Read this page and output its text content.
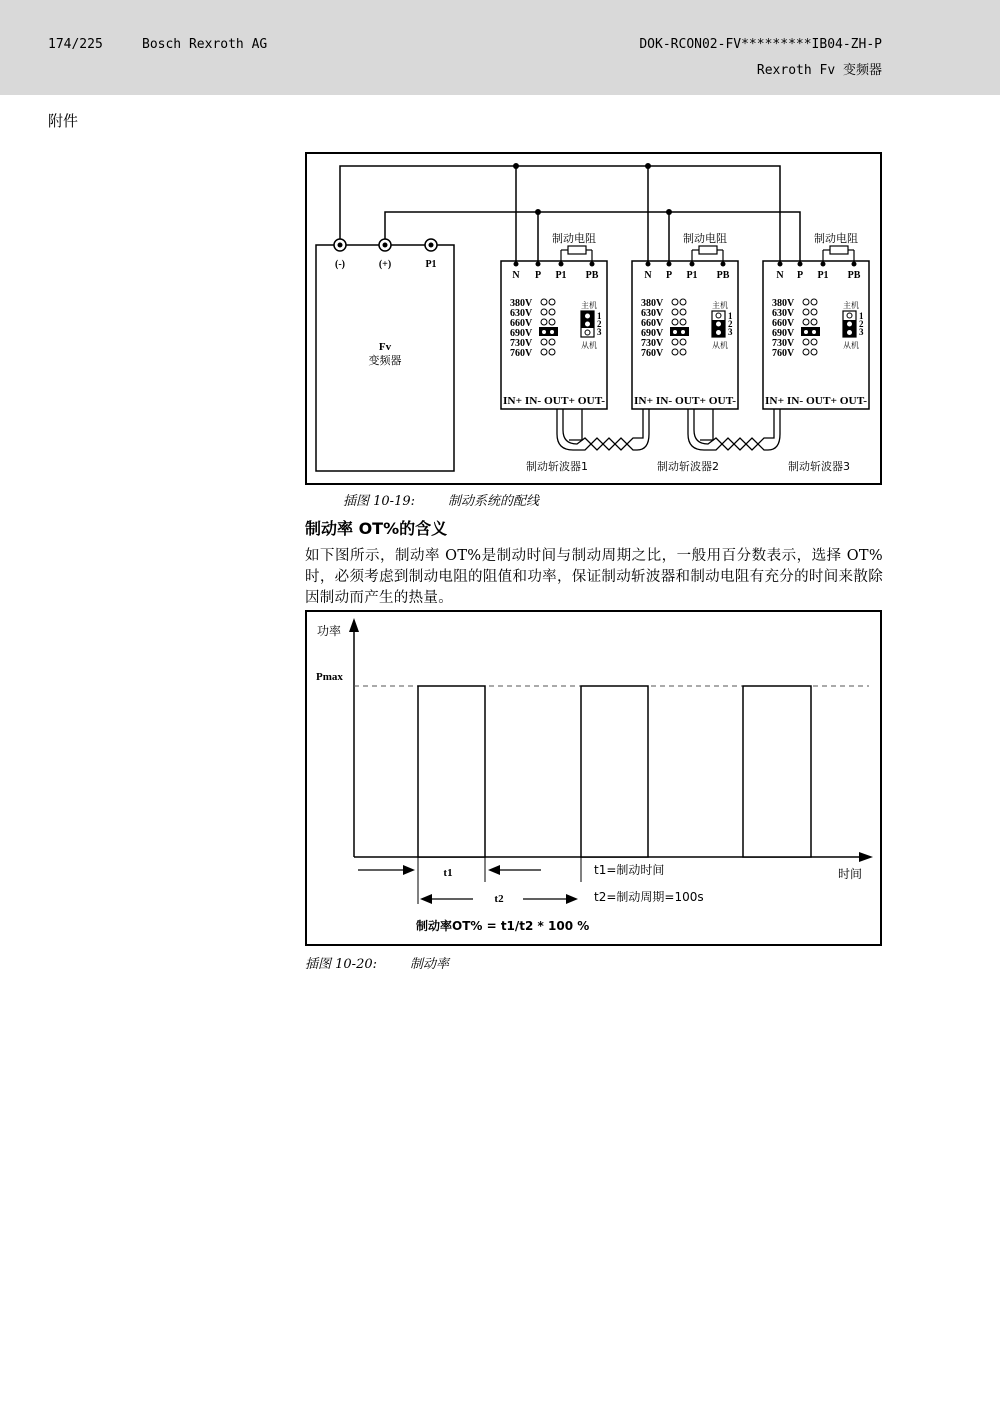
174/225	Bosch Rexroth AG	DOK-RCON02-FV*********IB04-ZH-P
Rexroth Fv 变频器
附件
(-)	(+)	P1
Fv
变频器
制动电阻
N P P1 PB
380V
630V
660V
690V
730V
760V
主机
1
2
3
从机
IN+ IN- OUT+ OUT-
制动电阻
N P P1 PB
380V
630V
660V
690V
730V
760V
主机
1
2
3
从机
IN+ IN- OUT+ OUT-
制动电阻
N P P1 PB
380V
630V
660V
690V
730V
760V
主机
1
2
3
从机
IN+ IN- OUT+ OUT-
制动斩波器1	制动斩波器2	制动斩波器3
插图 10-19:	制动系统的配线
制动率 OT%的含义
如下图所示，制动率 OT%是制动时间与制动周期之比，一般用百分数表示，选择 OT%时，必须考虑到制动电阻的阻值和功率，保证制动斩波器和制动电阻有充分的时间来散除因制动而产生的热量。
功率
Pmax
时间
t1
t2
t1=制动时间
t2=制动周期=100s
制动率OT% = t1/t2 * 100 %
插图 10-20:	制动率
